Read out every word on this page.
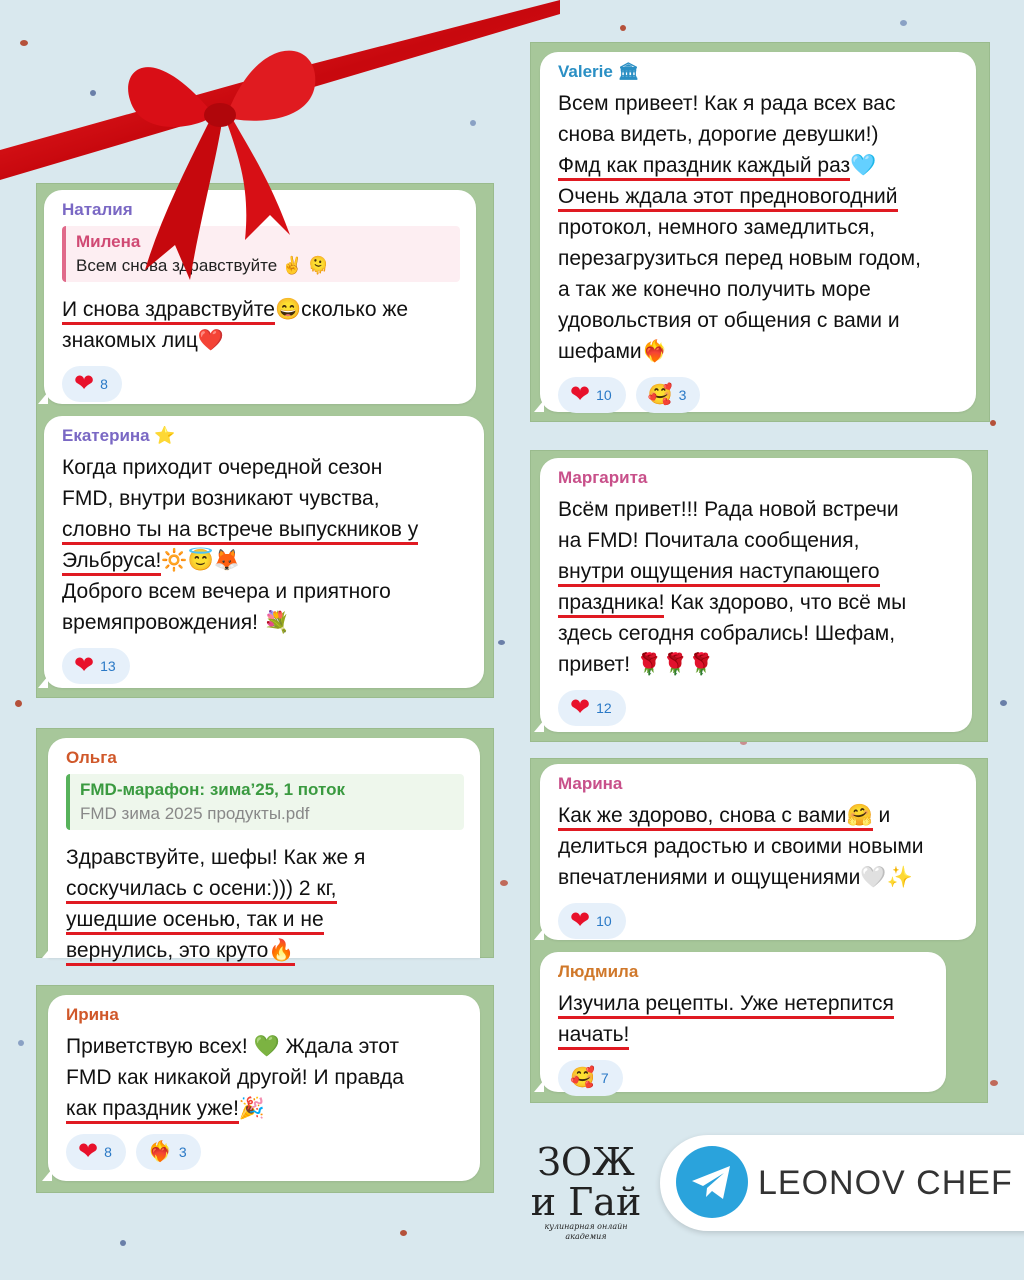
Наталия
Милена
Всем снова здравствуйте ✌️ 🫠
И снова здравствуйте😄сколько же
знакомых лиц❤️
❤ 8
Екатерина ⭐
Когда приходит очередной сезон
FMD, внутри возникают чувства,
словно ты на встрече выпускников у
Эльбруса!🔆😇🦊
Доброго всем вечера и приятного
времяпровождения! 💐
❤ 13
Ольга
FMD-марафон: зима’25, 1 поток
FMD зима 2025 продукты.pdf
Здравствуйте, шефы! Как же я
соскучилась с осени:))) 2 кг,
ушедшие осенью, так и не
вернулись, это круто🔥
Ирина
Приветствую всех! 💚 Ждала этот
FMD как никакой другой! И правда
как праздник уже!🎉
❤ 8 ❤️‍🔥 3
Valerie 🏛
Всем привеет! Как я рада всех вас
снова видеть, дорогие девушки!)
Фмд как праздник каждый раз🩵
Очень ждала этот предновогодний
протокол, немного замедлиться,
перезагрузиться перед новым годом,
а так же конечно получить море
удовольствия от общения с вами и
шефами❤️‍🔥
❤ 10 🥰 3
Маргарита
Всём привет!!! Рада новой встречи
на FMD! Почитала сообщения,
внутри ощущения наступающего
праздника! Как здорово, что всё мы
здесь сегодня собрались! Шефам,
привет! 🌹🌹🌹
❤ 12
Марина
Как же здорово, снова с вами🤗 и
делиться радостью и своими новыми
впечатлениями и ощущениями🤍✨
❤ 10
Людмила
Изучила рецепты. Уже нетерпится
начать!
🥰 7
ЗОЖ и Гай
кулинарная онлайн академия
LEONOV CHEF
